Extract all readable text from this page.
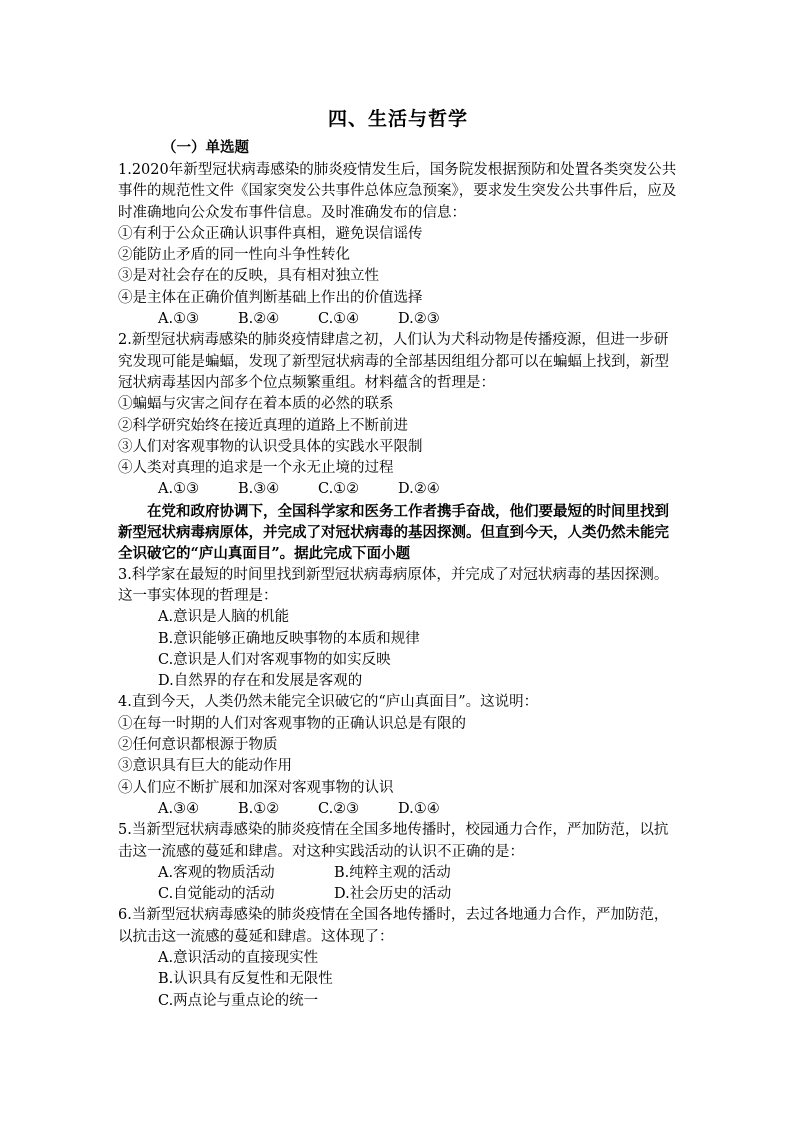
四、生活与哲学
（一）单选题
1.2020年新型冠状病毒感染的肺炎疫情发生后，国务院发根据预防和处置各类突发公共事件的规范性文件《国家突发公共事件总体应急预案》，要求发生突发公共事件后，应及时准确地向公众发布事件信息。及时准确发布的信息：
①有利于公众正确认识事件真相，避免误信谣传
②能防止矛盾的同一性向斗争性转化
③是对社会存在的反映，具有相对独立性
④是主体在正确价值判断基础上作出的价值选择
A.①③	B.②④	C.①④	D.②③
2.新型冠状病毒感染的肺炎疫情肆虐之初，人们认为犬科动物是传播疫源，但进一步研究发现可能是蝙蝠，发现了新型冠状病毒的全部基因组组分都可以在蝙蝠上找到，新型冠状病毒基因内部多个位点频繁重组。材料蕴含的哲理是：
①蝙蝠与灾害之间存在着本质的必然的联系
②科学研究始终在接近真理的道路上不断前进
③人们对客观事物的认识受具体的实践水平限制
④人类对真理的追求是一个永无止境的过程
A.①③	B.③④	C.①②	D.②④
在党和政府协调下，全国科学家和医务工作者携手奋战，他们要最短的时间里找到新型冠状病毒病原体，并完成了对冠状病毒的基因探测。但直到今天，人类仍然未能完全识破它的“庐山真面目”。据此完成下面小题
3.科学家在最短的时间里找到新型冠状病毒病原体，并完成了对冠状病毒的基因探测。这一事实体现的哲理是：
A.意识是人脑的机能
B.意识能够正确地反映事物的本质和规律
C.意识是人们对客观事物的如实反映
D.自然界的存在和发展是客观的
4.直到今天，人类仍然未能完全识破它的“庐山真面目”。这说明：
①在每一时期的人们对客观事物的正确认识总是有限的
②任何意识都根源于物质
③意识具有巨大的能动作用
④人们应不断扩展和加深对客观事物的认识
A.③④	B.①②	C.②③	D.①④
5.当新型冠状病毒感染的肺炎疫情在全国多地传播时，校园通力合作，严加防范，以抗击这一流感的蔓延和肆虐。对这种实践活动的认识不正确的是：
A.客观的物质活动	B.纯粹主观的活动
C.自觉能动的活动	D.社会历史的活动
6.当新型冠状病毒感染的肺炎疫情在全国各地传播时，去过各地通力合作，严加防范，以抗击这一流感的蔓延和肆虐。这体现了：
A.意识活动的直接现实性
B.认识具有反复性和无限性
C.两点论与重点论的统一
